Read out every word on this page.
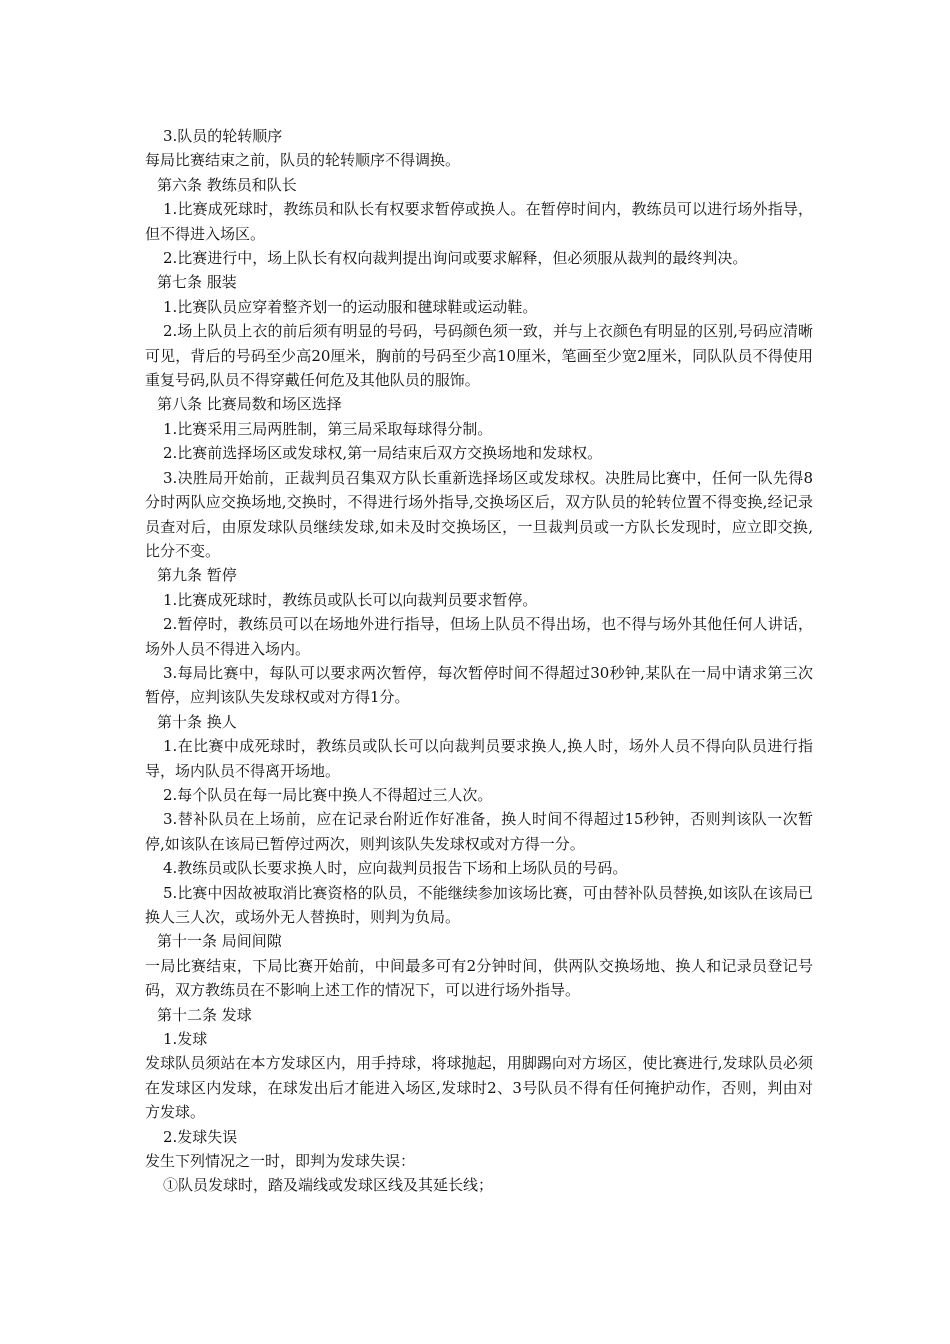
3.队员的轮转顺序

每局比赛结束之前，队员的轮转顺序不得调换。

第六条 教练员和队长

1.比赛成死球时，教练员和队长有权要求暂停或换人。在暂停时间内，教练员可以进行场外指导，但不得进入场区。

2.比赛进行中，场上队长有权向裁判提出询问或要求解释，但必须服从裁判的最终判决。

第七条 服装

1.比赛队员应穿着整齐划一的运动服和毽球鞋或运动鞋。

2.场上队员上衣的前后须有明显的号码，号码颜色须一致，并与上衣颜色有明显的区别,号码应清晰可见，背后的号码至少高20厘米，胸前的号码至少高10厘米，笔画至少宽2厘米，同队队员不得使用重复号码,队员不得穿戴任何危及其他队员的服饰。

第八条 比赛局数和场区选择

1.比赛采用三局两胜制，第三局采取每球得分制。

2.比赛前选择场区或发球权,第一局结束后双方交换场地和发球权。

3.决胜局开始前，正裁判员召集双方队长重新选择场区或发球权。决胜局比赛中，任何一队先得8分时两队应交换场地,交换时，不得进行场外指导,交换场区后，双方队员的轮转位置不得变换,经记录员查对后，由原发球队员继续发球,如未及时交换场区，一旦裁判员或一方队长发现时，应立即交换,比分不变。

第九条 暂停

1.比赛成死球时，教练员或队长可以向裁判员要求暂停。

2.暂停时，教练员可以在场地外进行指导，但场上队员不得出场，也不得与场外其他任何人讲话，场外人员不得进入场内。

3.每局比赛中，每队可以要求两次暂停，每次暂停时间不得超过30秒钟,某队在一局中请求第三次暂停，应判该队失发球权或对方得1分。

第十条 换人

1.在比赛中成死球时，教练员或队长可以向裁判员要求换人,换人时，场外人员不得向队员进行指导，场内队员不得离开场地。

2.每个队员在每一局比赛中换人不得超过三人次。

3.替补队员在上场前，应在记录台附近作好准备，换人时间不得超过15秒钟，否则判该队一次暂停,如该队在该局已暂停过两次，则判该队失发球权或对方得一分。

4.教练员或队长要求换人时，应向裁判员报告下场和上场队员的号码。

5.比赛中因故被取消比赛资格的队员，不能继续参加该场比赛，可由替补队员替换,如该队在该局已换人三人次，或场外无人替换时，则判为负局。

第十一条 局间间隙

一局比赛结束，下局比赛开始前，中间最多可有2分钟时间，供两队交换场地、换人和记录员登记号码，双方教练员在不影响上述工作的情况下，可以进行场外指导。

第十二条 发球

1.发球

发球队员须站在本方发球区内，用手持球，将球抛起，用脚踢向对方场区，使比赛进行,发球队员必须在发球区内发球，在球发出后才能进入场区,发球时2、3号队员不得有任何掩护动作，否则，判由对方发球。

2.发球失误

发生下列情况之一时，即判为发球失误：

①队员发球时，踏及端线或发球区线及其延长线；
